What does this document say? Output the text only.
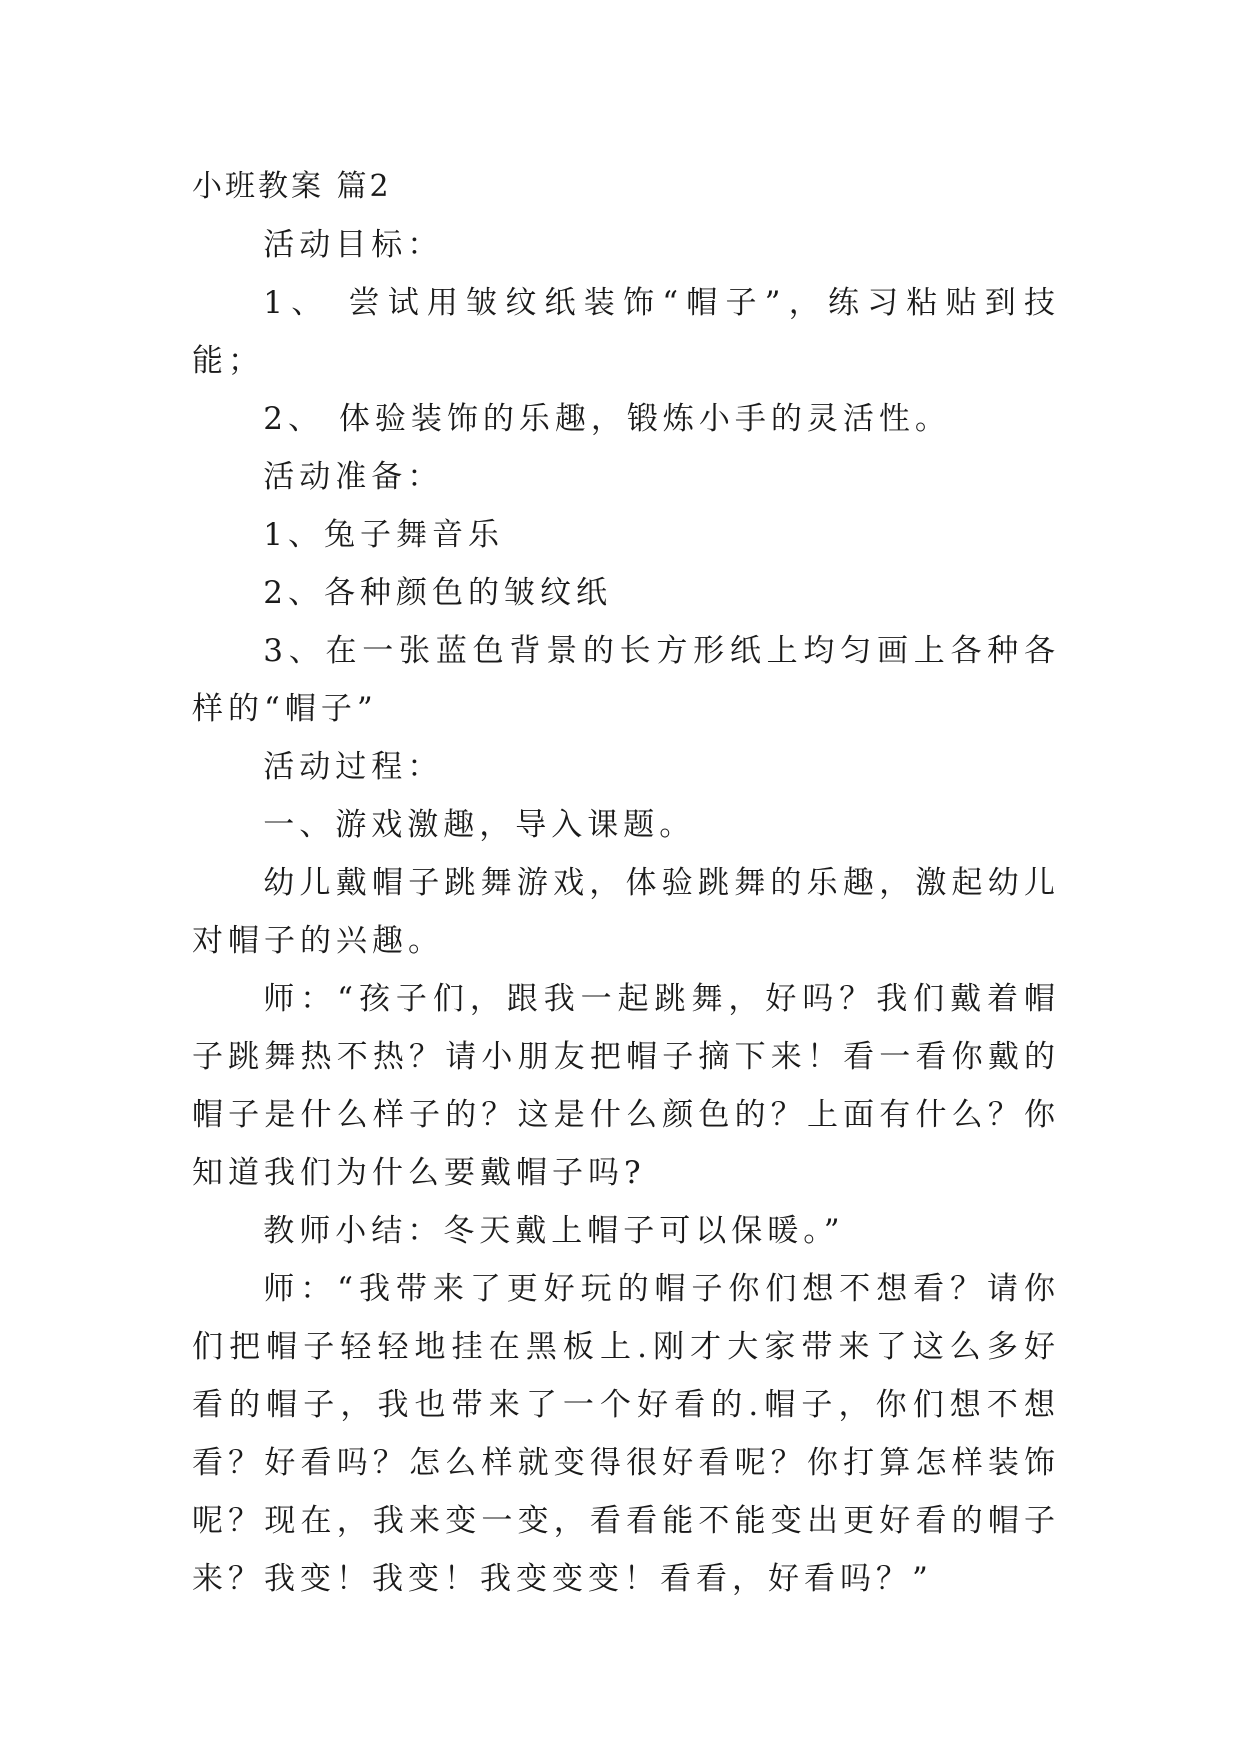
小班教案 篇2

活动目标：

1、 尝试用皱纹纸装饰“帽子”，练习粘贴到技能；

2、 体验装饰的乐趣，锻炼小手的灵活性。

活动准备：

1、兔子舞音乐

2、各种颜色的皱纹纸

3、在一张蓝色背景的长方形纸上均匀画上各种各样的“帽子”

活动过程：

一、游戏激趣，导入课题。

幼儿戴帽子跳舞游戏，体验跳舞的乐趣，激起幼儿对帽子的兴趣。

师：“孩子们，跟我一起跳舞，好吗？我们戴着帽子跳舞热不热？请小朋友把帽子摘下来！看一看你戴的帽子是什么样子的？这是什么颜色的？上面有什么？你知道我们为什么要戴帽子吗?

教师小结：冬天戴上帽子可以保暖。”

师：“我带来了更好玩的帽子你们想不想看？请你们把帽子轻轻地挂在黑板上.刚才大家带来了这么多好看的帽子，我也带来了一个好看的.帽子，你们想不想看？好看吗？怎么样就变得很好看呢？你打算怎样装饰呢？现在，我来变一变，看看能不能变出更好看的帽子来？我变！我变！我变变变！看看，好看吗？”
